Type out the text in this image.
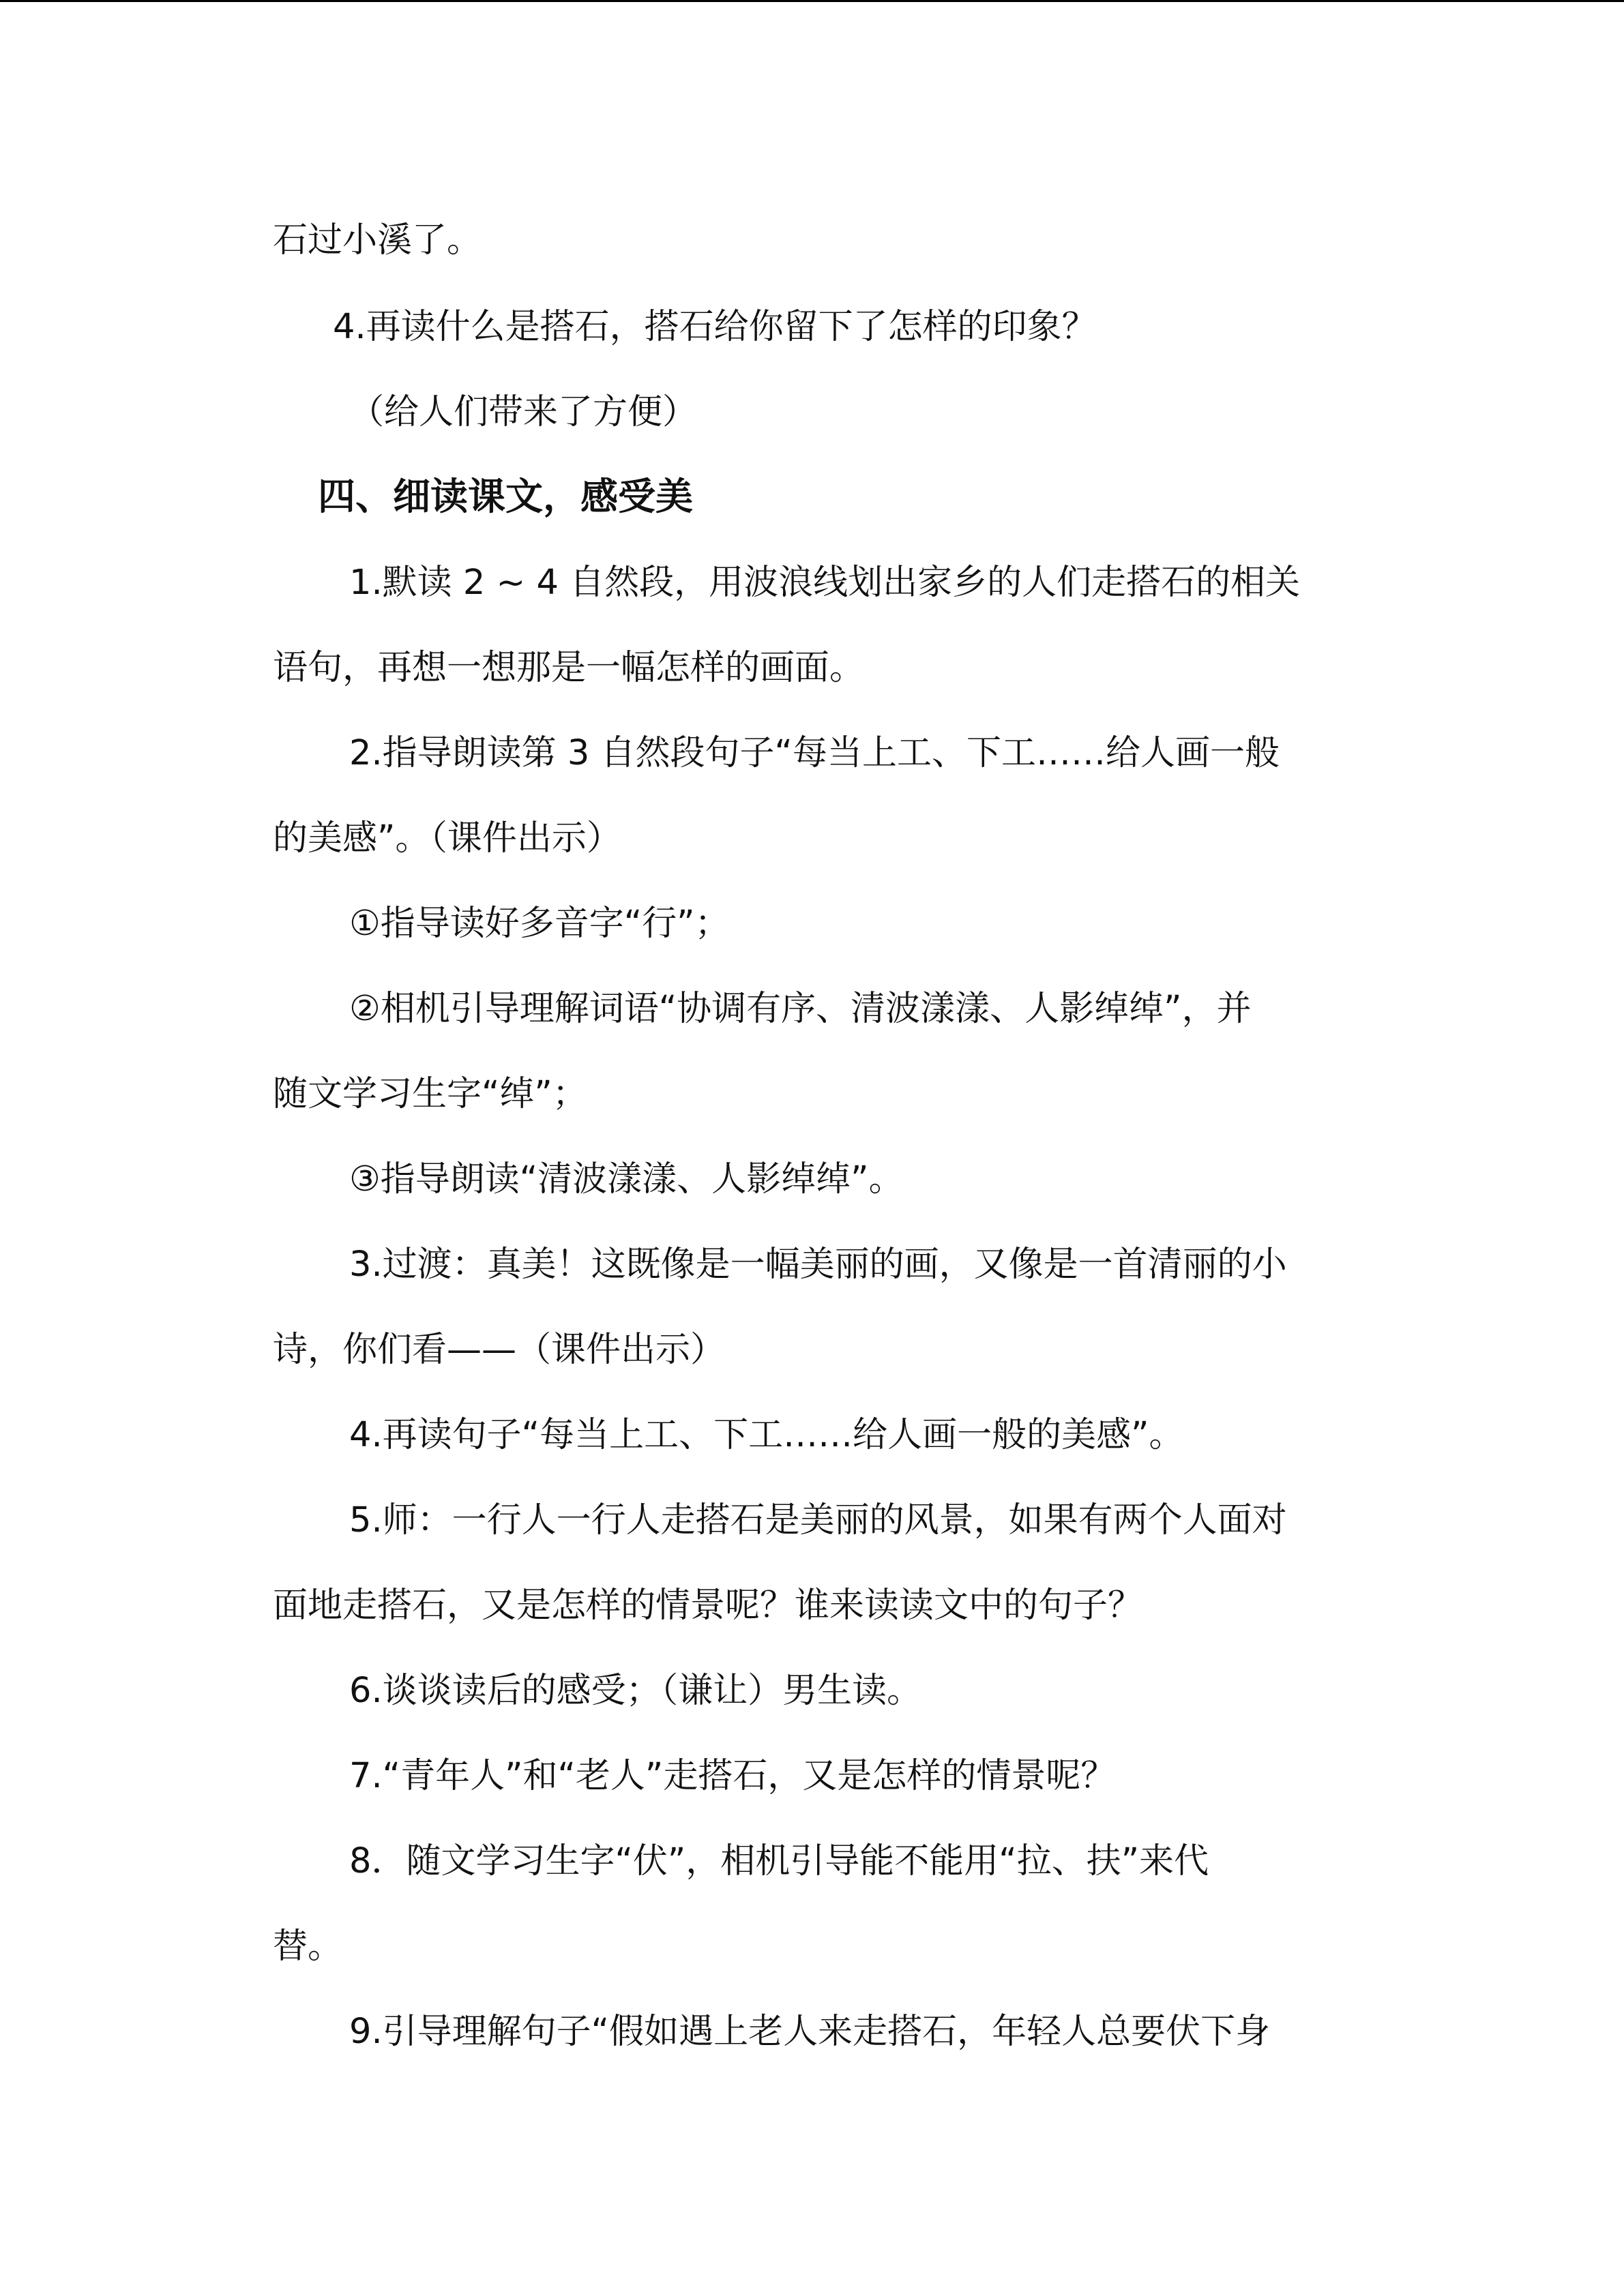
石过小溪了。

4.再读什么是搭石，搭石给你留下了怎样的印象？

（给人们带来了方便）

四、细读课文，感受美

1.默读 2 ~ 4 自然段，用波浪线划出家乡的人们走搭石的相关

语句，再想一想那是一幅怎样的画面。

2.指导朗读第 3 自然段句子“每当上工、下工……给人画一般

的美感”。（课件出示）

①指导读好多音字“行”；

②相机引导理解词语“协调有序、清波漾漾、人影绰绰”，并

随文学习生字“绰”；

③指导朗读“清波漾漾、人影绰绰”。

3.过渡：真美！这既像是一幅美丽的画，又像是一首清丽的小

诗，你们看——（课件出示）

4.再读句子“每当上工、下工……给人画一般的美感”。

5.师：一行人一行人走搭石是美丽的风景，如果有两个人面对

面地走搭石，又是怎样的情景呢？谁来读读文中的句子？

6.谈谈读后的感受；（谦让）男生读。

7.“青年人”和“老人”走搭石，又是怎样的情景呢？

8．随文学习生字“伏”，相机引导能不能用“拉、扶”来代

替。

9.引导理解句子“假如遇上老人来走搭石，年轻人总要伏下身
